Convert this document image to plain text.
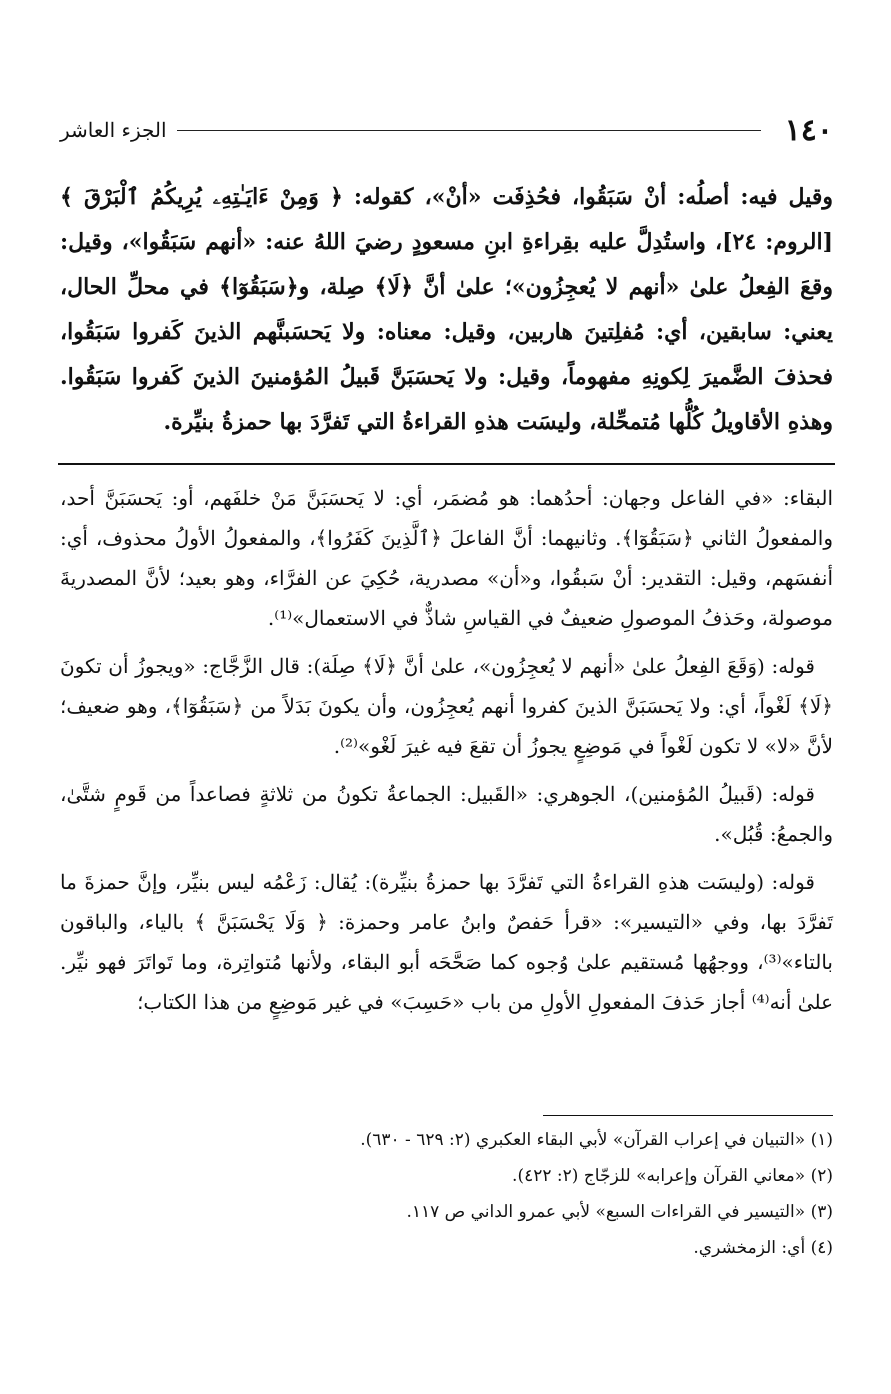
١٤٠
الجزء العاشر

وقيل فيه: أصلُه: أنْ سَبَقُوا، فحُذِفَت «أنْ»، كقوله: ﴿ وَمِنْ ءَايَـٰتِهِۦ يُرِيكُمُ ٱلْبَرْقَ ﴾ [الروم: ٢٤]، واستُدِلَّ عليه بقِراءةِ ابنِ مسعودٍ رضيَ اللهُ عنه: «أنهم سَبَقُوا»، وقيل: وقعَ الفِعلُ علىٰ «أنهم لا يُعجِزُون»؛ علىٰ أنَّ ﴿لَا﴾ صِلة، و﴿سَبَقُوٓا﴾ في محلِّ الحال، يعني: سابقين، أي: مُفلِتينَ هاربين، وقيل: معناه: ولا يَحسَبنَّهم الذينَ كَفروا سَبَقُوا، فحذفَ الضَّميرَ لِكونِهِ مفهوماً، وقيل: ولا يَحسَبَنَّ قَبيلُ المُؤمنينَ الذينَ كَفروا سَبَقُوا. وهذهِ الأقاويلُ كُلُّها مُتمحِّلة، وليسَت هذهِ القراءةُ التي تَفرَّدَ بها حمزةُ بنيِّرة.

البقاء: «في الفاعل وجهان: أحدُهما: هو مُضمَر، أي: لا يَحسَبَنَّ مَنْ خلفَهم، أو: يَحسَبَنَّ أحد، والمفعولُ الثاني ﴿سَبَقُوٓا﴾. وثانيهما: أنَّ الفاعلَ ﴿ٱلَّذِينَ كَفَرُوا﴾، والمفعولُ الأولُ محذوف، أي: أنفسَهم، وقيل: التقدير: أنْ سَبقُوا، و«أن» مصدرية، حُكِيَ عن الفرَّاء، وهو بعيد؛ لأنَّ المصدريةَ موصولة، وحَذفُ الموصولِ ضعيفٌ في القياسِ شاذٌّ في الاستعمال»⁽¹⁾.

قوله: (وَقَعَ الفِعلُ علىٰ «أنهم لا يُعجِزُون»، علىٰ أنَّ ﴿لَا﴾ صِلَة): قال الزَّجَّاج: «ويجوزُ أن تكونَ ﴿لَا﴾ لَغْواً، أي: ولا يَحسَبَنَّ الذينَ كفروا أنهم يُعجِزُون، وأن يكونَ بَدَلاً من ﴿سَبَقُوٓا﴾، وهو ضعيف؛ لأنَّ «لا» لا تكون لَغْواً في مَوضِعٍ يجوزُ أن تقعَ فيه غيرَ لَغْو»⁽²⁾.

قوله: (قَبيلُ المُؤمنين)، الجوهري: «القَبيل: الجماعةُ تكونُ من ثلاثةٍ فصاعداً من قَومٍ شتَّىٰ، والجمعُ: قُبُل».

قوله: (وليسَت هذهِ القراءةُ التي تَفرَّدَ بها حمزةُ بنيِّرة): يُقال: زَعْمُه ليس بنيِّر، وإنَّ حمزةَ ما تَفرَّدَ بها، وفي «التيسير»: «قرأ حَفصٌ وابنُ عامر وحمزة: ﴿ وَلَا يَحْسَبَنَّ ﴾ بالياء، والباقون بالتاء»⁽³⁾، ووجهُها مُستقيم علىٰ وُجوه كما صَحَّحَه أبو البقاء، ولأنها مُتواتِرة، وما تَواتَرَ فهو نيِّر. علىٰ أنه⁽⁴⁾ أجاز حَذفَ المفعولِ الأولِ من باب «حَسِبَ» في غير مَوضِعٍ من هذا الكتاب؛

(١) «التبيان في إعراب القرآن» لأبي البقاء العكبري (٢: ٦٢٩ - ٦٣٠).

(٢) «معاني القرآن وإعرابه» للزجّاج (٢: ٤٢٢).

(٣) «التيسير في القراءات السبع» لأبي عمرو الداني ص ١١٧.

(٤) أي: الزمخشري.
